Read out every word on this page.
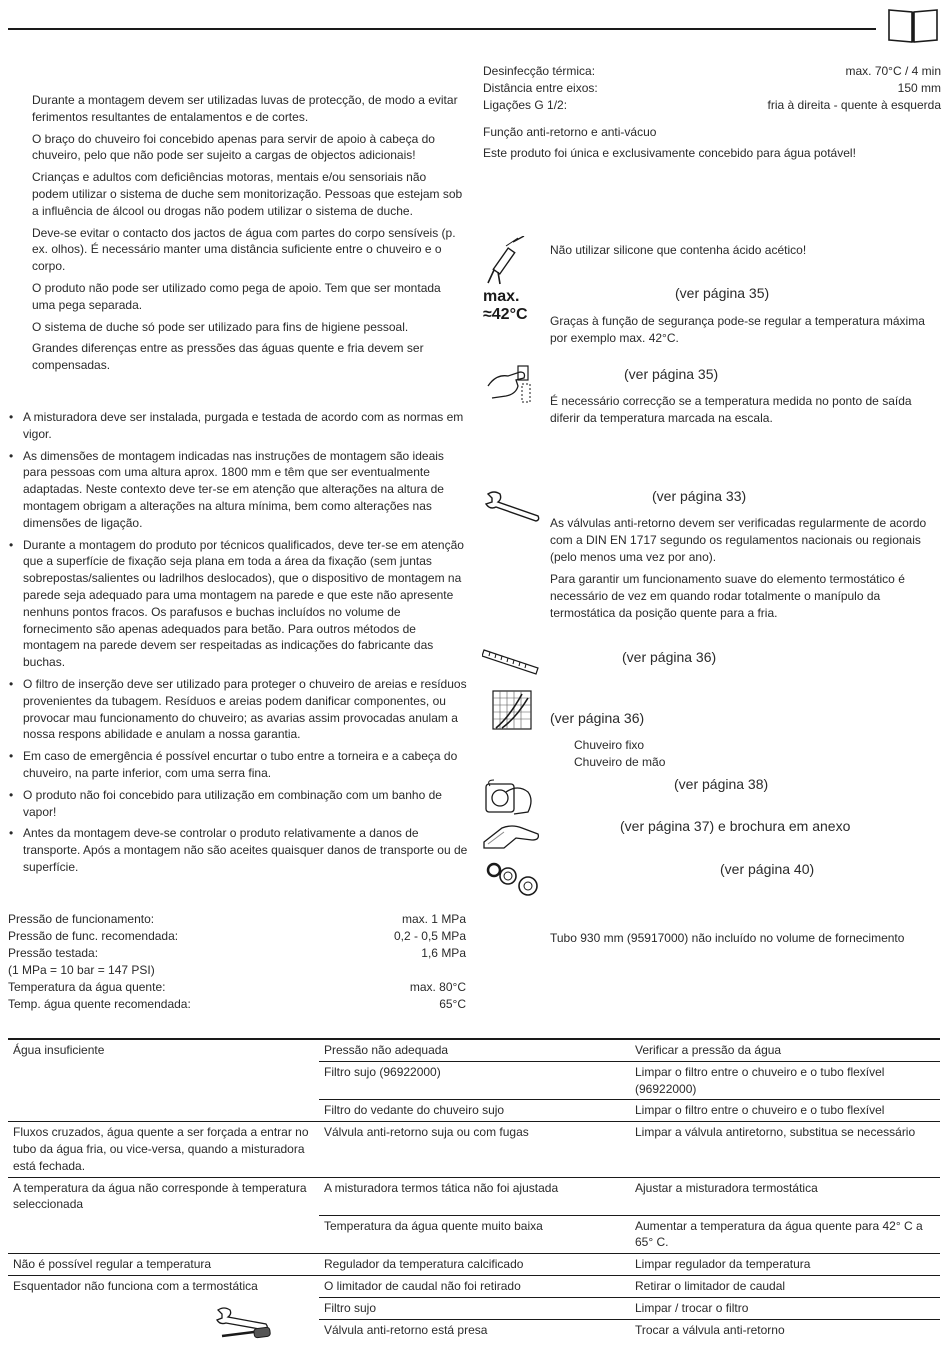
Durante a montagem devem ser utilizadas luvas de protecção, de modo a evitar ferimentos resultantes de entalamentos e de cortes.

O braço do chuveiro foi concebido apenas para servir de apoio à cabeça do chuveiro, pelo que não pode ser sujeito a cargas de objectos adicionais!

Crianças e adultos com deficiências motoras, mentais e/ou sensoriais não podem utilizar o sistema de duche sem monitorização. Pessoas que estejam sob a influência de álcool ou drogas não podem utilizar o sistema de duche.

Deve-se evitar o contacto dos jactos de água com partes do corpo sensíveis (p. ex. olhos). É necessário manter uma distância suficiente entre o chuveiro e o corpo.

O produto não pode ser utilizado como pega de apoio. Tem que ser montada uma pega separada.

O sistema de duche só pode ser utilizado para fins de higiene pessoal.

Grandes diferenças entre as pressões das águas quente e fria devem ser compensadas.

• A misturadora deve ser instalada, purgada e testada de acordo com as normas em vigor.
• As dimensões de montagem indicadas nas instruções de montagem são ideais para pessoas com uma altura aprox. 1800 mm e têm que ser eventualmente adaptadas. Neste contexto deve ter-se em atenção que alterações na altura de montagem obrigam a alterações na altura mínima, bem como alterações nas dimensões de ligação.
• Durante a montagem do produto por técnicos qualificados, deve ter-se em atenção que a superfície de fixação seja plana em toda a área da fixação (sem juntas sobrepostas/salientes ou ladrilhos deslocados), que o dispositivo de montagem na parede seja adequado para uma montagem na parede e que este não apresente nenhuns pontos fracos. Os parafusos e buchas incluídos no volume de fornecimento são apenas adequados para betão. Para outros métodos de montagem na parede devem ser respeitadas as indicações do fabricante das buchas.
• O filtro de inserção deve ser utilizado para proteger o chuveiro de areias e resíduos provenientes da tubagem. Resíduos e areias podem danificar componentes, ou provocar mau funcionamento do chuveiro; as avarias assim provocadas anulam a nossa respons abilidade e anulam a nossa garantia.
• Em caso de emergência é possível encurtar o tubo entre a torneira e a cabeça do chuveiro, na parte inferior, com uma serra fina.
• O produto não foi concebido para utilização em combinação com um banho de vapor!
• Antes da montagem deve-se controlar o produto relativamente a danos de transporte. Após a montagem não são aceites quaisquer danos de transporte ou de superfície.
Pressão de funcionamento:	max. 1 MPa
Pressão de func. recomendada:	0,2 - 0,5 MPa
Pressão testada:	1,6 MPa
(1 MPa = 10 bar = 147 PSI)
Temperatura da água quente:	max. 80°C
Temp. água quente recomendada:	65°C
Desinfecção térmica:	max. 70°C / 4 min
Distância entre eixos:	150 mm
Ligações G 1/2:	fria à direita - quente à esquerda

Função anti-retorno e anti-vácuo

Este produto foi única e exclusivamente concebido para água potável!

Não utilizar silicone que contenha ácido acético!

max.
≈42°C

(ver página 35)

Graças à função de segurança pode-se regular a temperatura máxima por exemplo max. 42°C.

(ver página 35)

É necessário correcção se a temperatura medida no ponto de saída diferir da temperatura marcada na escala.

(ver página 33)

As válvulas anti-retorno devem ser verificadas regularmente de acordo com a DIN EN 1717 segundo os regulamentos nacionais ou regionais (pelo menos uma vez por ano).

Para garantir um funcionamento suave do elemento termostático é necessário de vez em quando rodar totalmente o manípulo da termostática da posição quente para a fria.

(ver página 36)

(ver página 36)

Chuveiro fixo

Chuveiro de mão

(ver página 38)

(ver página 37) e brochura em anexo

(ver página 40)

Tubo 930 mm (95917000) não incluído no volume de fornecimento

Água insuficiente	Pressão não adequada	Verificar a pressão da água
	Filtro sujo (96922000)	Limpar o filtro entre o chuveiro e o tubo flexível (96922000)
	Filtro do vedante do chuveiro sujo	Limpar o filtro entre o chuveiro e o tubo flexível
Fluxos cruzados, água quente a ser forçada a entrar no tubo da água fria, ou vice-versa, quando a misturadora está fechada.	Válvula anti-retorno suja ou com fugas	Limpar a válvula antiretorno, substitua se necessário
A temperatura da água não corresponde à temperatura seleccionada	A misturadora termos tática não foi ajustada	Ajustar a misturadora termostática
	Temperatura da água quente muito baixa	Aumentar a temperatura da água quente para 42° C a 65° C.
Não é possível regular a temperatura	Regulador da temperatura calcificado	Limpar regulador da temperatura
Esquentador não funciona com a termostática	O limitador de caudal não foi retirado	Retirar o limitador de caudal
	Filtro sujo	Limpar / trocar o filtro
	Válvula anti-retorno está presa	Trocar a válvula anti-retorno
